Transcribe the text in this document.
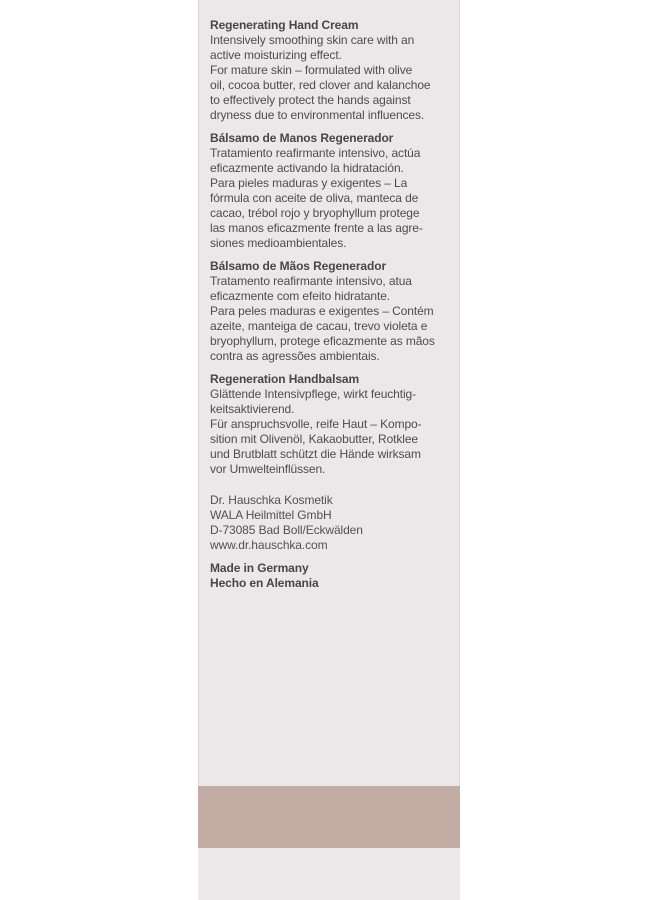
Regenerating Hand Cream
Intensively smoothing skin care with an
active moisturizing effect.
For mature skin – formulated with olive
oil, cocoa butter, red clover and kalanchoe
to effectively protect the hands against
dryness due to environmental influences.
Bálsamo de Manos Regenerador
Tratamiento reafirmante intensivo, actúa
eficazmente activando la hidratación.
Para pieles maduras y exigentes – La
fórmula con aceite de oliva, manteca de
cacao, trébol rojo y bryophyllum protege
las manos eficazmente frente a las agre-
siones medioambientales.
Bálsamo de Mãos Regenerador
Tratamento reafirmante intensivo, atua
eficazmente com efeito hidratante.
Para peles maduras e exigentes – Contém
azeite, manteiga de cacau, trevo violeta e
bryophyllum, protege eficazmente as mãos
contra as agressões ambientais.
Regeneration Handbalsam
Glättende Intensivpflege, wirkt feuchtig-
keitsaktivierend.
Für anspruchsvolle, reife Haut – Kompo-
sition mit Olivenöl, Kakaobutter, Rotklee
und Brutblatt schützt die Hände wirksam
vor Umwelteinflüssen.
Dr. Hauschka Kosmetik
WALA Heilmittel GmbH
D-73085 Bad Boll/Eckwälden
www.dr.hauschka.com
Made in Germany
Hecho en Alemania
